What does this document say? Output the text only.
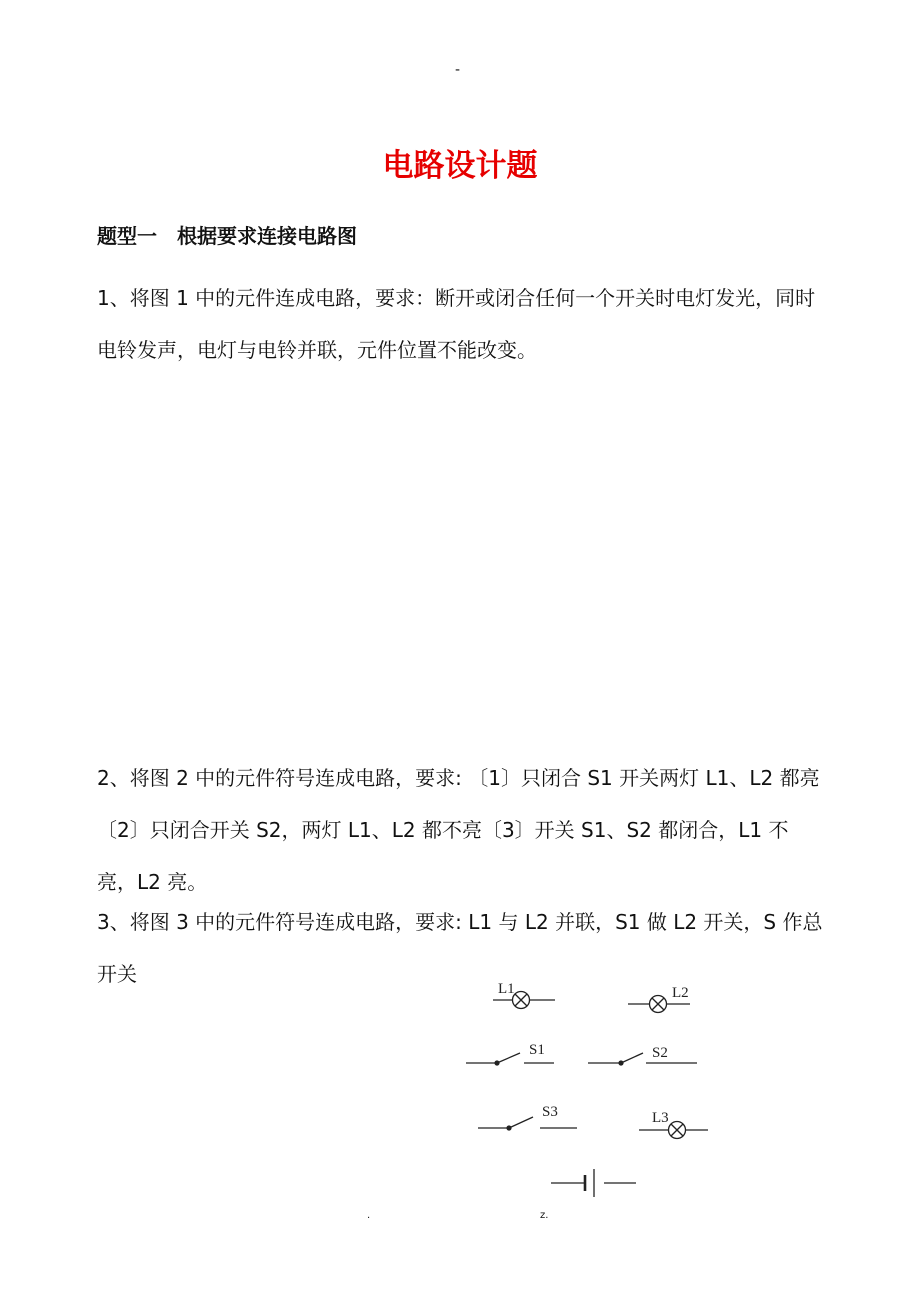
-
电路设计题
题型一　根据要求连接电路图
1、将图 1 中的元件连成电路，要求：断开或闭合任何一个开关时电灯发光，同时电铃发声，电灯与电铃并联，元件位置不能改变。
2、将图 2 中的元件符号连成电路，要求: 〔1〕只闭合 S1 开关两灯 L1、L2 都亮〔2〕只闭合开关 S2，两灯 L1、L2 都不亮〔3〕开关 S1、S2 都闭合，L1 不亮，L2 亮。
3、将图 3 中的元件符号连成电路，要求: L1 与 L2 并联，S1 做 L2 开关，S 作总开关
L1	L2
S1	S2
S3	L3
.	z.
